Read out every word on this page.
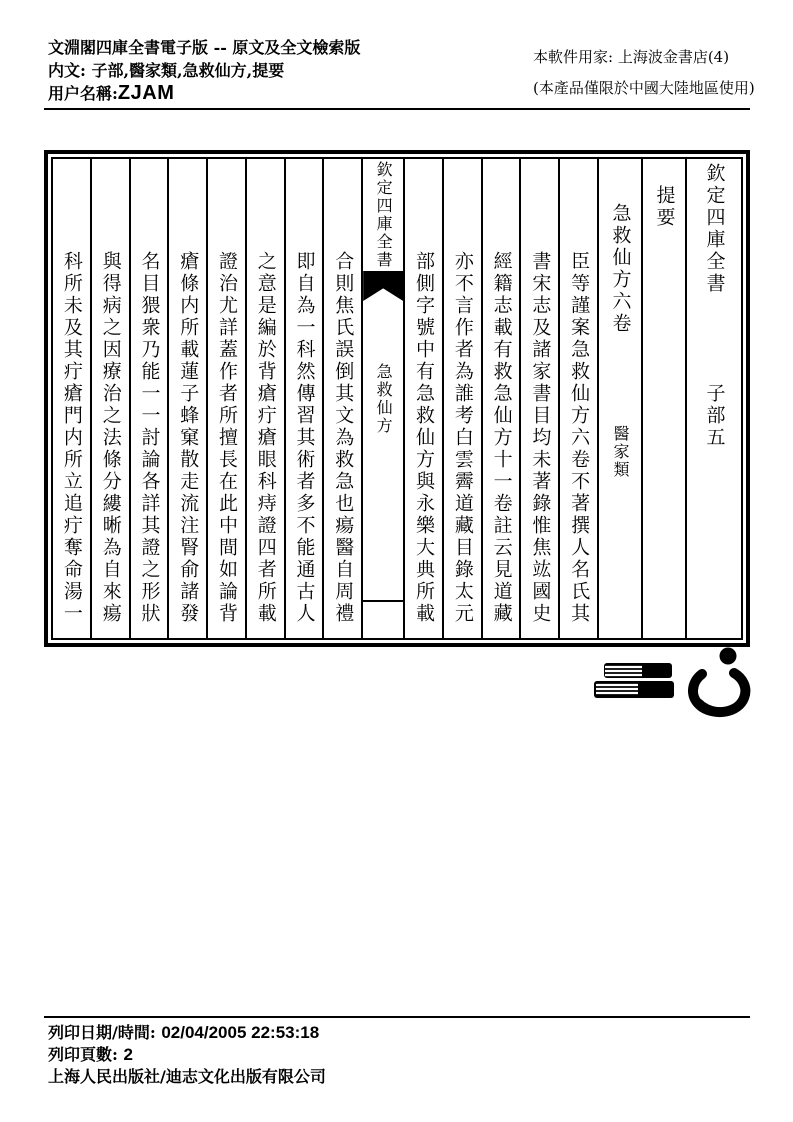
文淵閣四庫全書電子版 -- 原文及全文檢索版
内文: 子部,醫家類,急救仙方,提要
用户名稱: ZJAM
本軟件用家: 上海波金書店(4)
(本產品僅限於中國大陸地區使用)
欽定四庫全書
子部五
提要
急救仙方六卷
醫家類
臣等謹案急救仙方六卷不著撰人名氏其
書宋志及諸家書目均未著錄惟焦竑國史
經籍志載有救急仙方十一卷註云見道藏
亦不言作者為誰考白雲霽道藏目錄太元
部側字號中有急救仙方與永樂大典所載
欽定四庫全書
急救仙方
合則焦氏誤倒其文為救急也瘍醫自周禮
即自為一科然傳習其術者多不能通古人
之意是編於背瘡疔瘡眼科痔證四者所載
證治尤詳蓋作者所擅長在此中間如論背
瘡條内所載蓮子蜂窠散走流注腎俞諸發
名目猥衆乃能一一討論各詳其證之形狀
與得病之因療治之法條分縷晰為自來瘍
科所未及其疔瘡門内所立追疔奪命湯一
列印日期/時間: 02/04/2005 22:53:18
列印頁數: 2
上海人民出版社/迪志文化出版有限公司
